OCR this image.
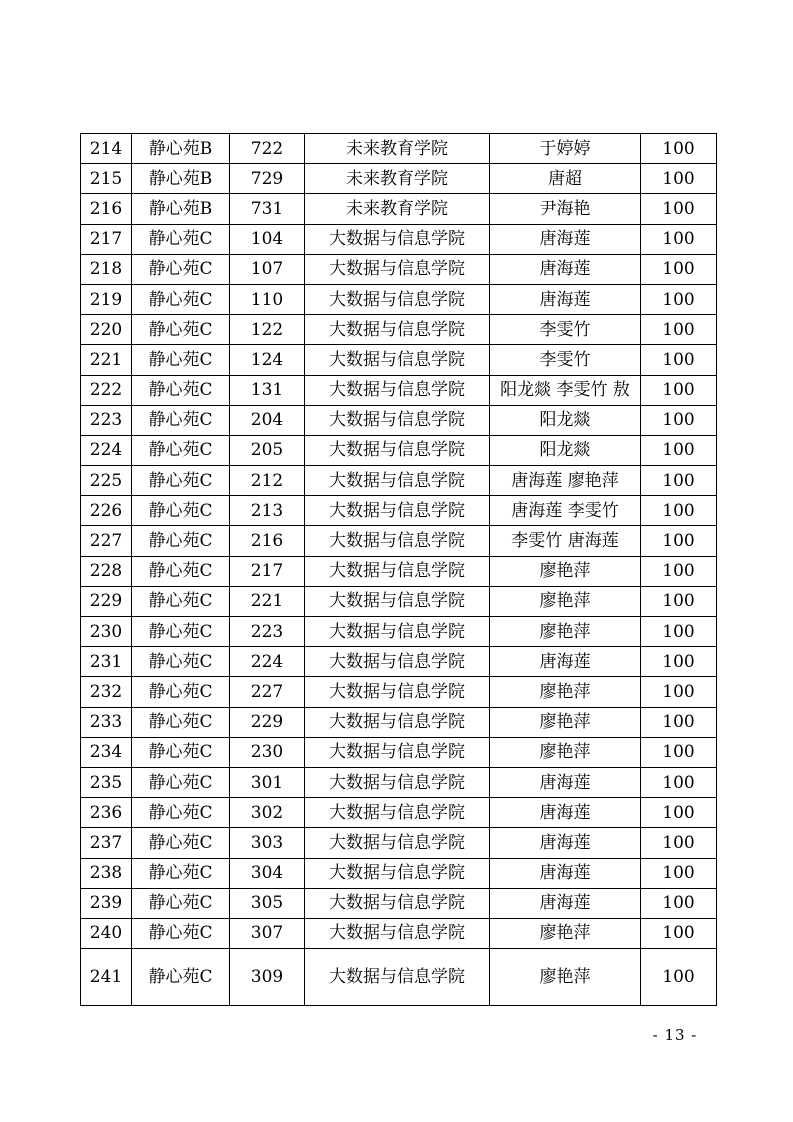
214	静心苑B	722	未来教育学院	于婷婷	100
215	静心苑B	729	未来教育学院	唐超	100
216	静心苑B	731	未来教育学院	尹海艳	100
217	静心苑C	104	大数据与信息学院	唐海莲	100
218	静心苑C	107	大数据与信息学院	唐海莲	100
219	静心苑C	110	大数据与信息学院	唐海莲	100
220	静心苑C	122	大数据与信息学院	李雯竹	100
221	静心苑C	124	大数据与信息学院	李雯竹	100
222	静心苑C	131	大数据与信息学院	阳龙燚 李雯竹 敖	100
223	静心苑C	204	大数据与信息学院	阳龙燚	100
224	静心苑C	205	大数据与信息学院	阳龙燚	100
225	静心苑C	212	大数据与信息学院	唐海莲 廖艳萍	100
226	静心苑C	213	大数据与信息学院	唐海莲 李雯竹	100
227	静心苑C	216	大数据与信息学院	李雯竹 唐海莲	100
228	静心苑C	217	大数据与信息学院	廖艳萍	100
229	静心苑C	221	大数据与信息学院	廖艳萍	100
230	静心苑C	223	大数据与信息学院	廖艳萍	100
231	静心苑C	224	大数据与信息学院	唐海莲	100
232	静心苑C	227	大数据与信息学院	廖艳萍	100
233	静心苑C	229	大数据与信息学院	廖艳萍	100
234	静心苑C	230	大数据与信息学院	廖艳萍	100
235	静心苑C	301	大数据与信息学院	唐海莲	100
236	静心苑C	302	大数据与信息学院	唐海莲	100
237	静心苑C	303	大数据与信息学院	唐海莲	100
238	静心苑C	304	大数据与信息学院	唐海莲	100
239	静心苑C	305	大数据与信息学院	唐海莲	100
240	静心苑C	307	大数据与信息学院	廖艳萍	100
241	静心苑C	309	大数据与信息学院	廖艳萍	100
- 13 -
